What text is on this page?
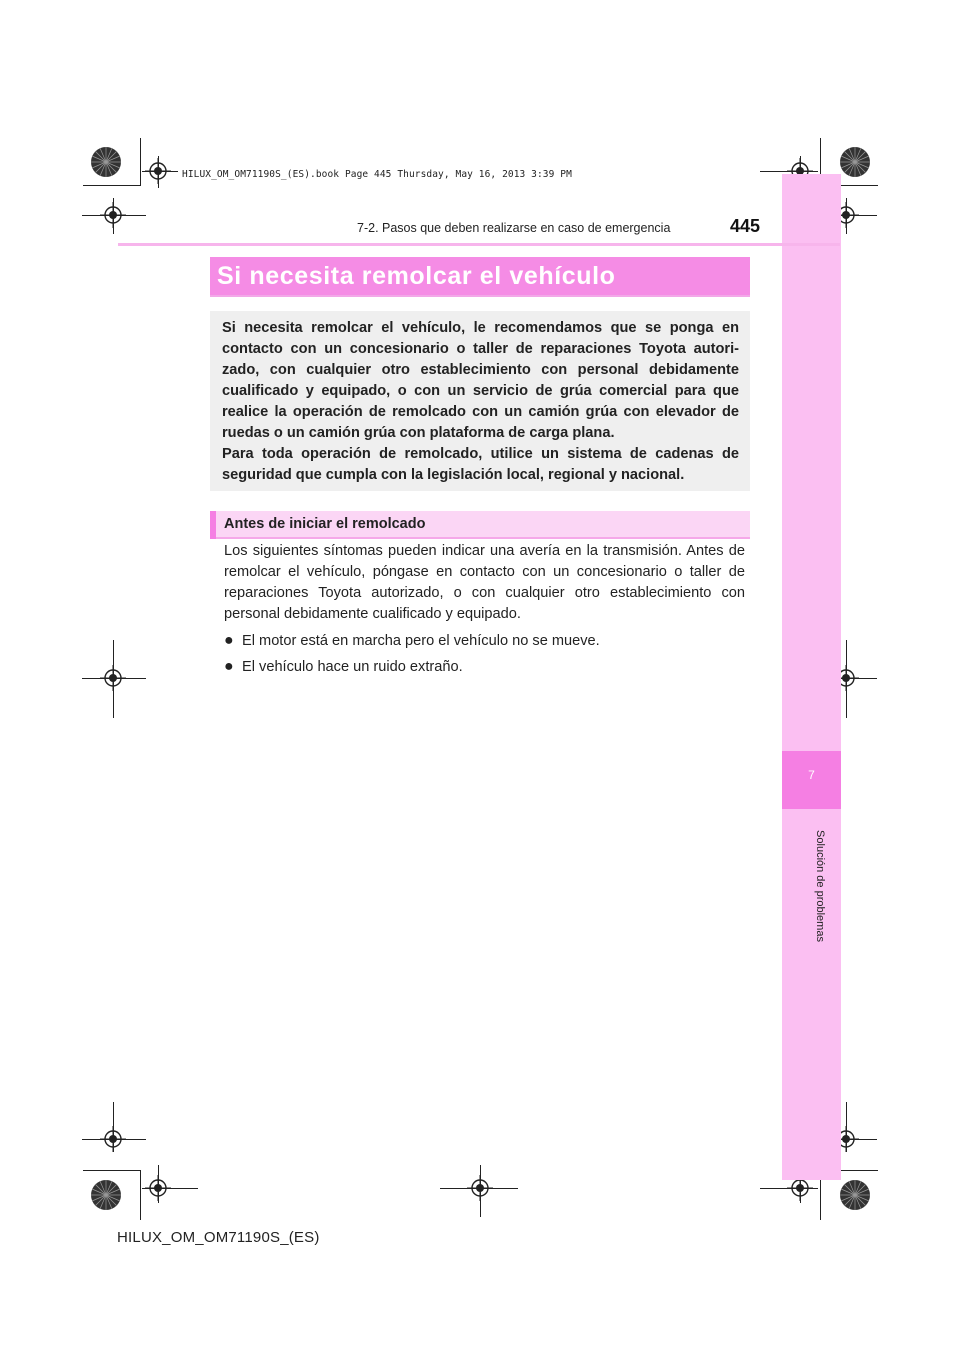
HILUX_OM_OM71190S_(ES).book Page 445 Thursday, May 16, 2013 3:39 PM
7
Solución de problemas
7-2. Pasos que deben realizarse en caso de emergencia	445
Si necesita remolcar el vehículo

Si necesita remolcar el vehículo, le recomendamos que se ponga en contacto con un concesionario o taller de reparaciones Toyota autori-zado, con cualquier otro establecimiento con personal debidamente cualificado y equipado, o con un servicio de grúa comercial para que realice la operación de remolcado con un camión grúa con elevador de ruedas o un camión grúa con plataforma de carga plana.

Para toda operación de remolcado, utilice un sistema de cadenas de seguridad que cumpla con la legislación local, regional y nacional.

Antes de iniciar el remolcado
Los siguientes síntomas pueden indicar una avería en la transmisión. Antes de remolcar el vehículo, póngase en contacto con un concesionario o taller de reparaciones Toyota autorizado, o con cualquier otro establecimiento con personal debidamente cualificado y equipado.
● El motor está en marcha pero el vehículo no se mueve.
● El vehículo hace un ruido extraño.
HILUX_OM_OM71190S_(ES)
